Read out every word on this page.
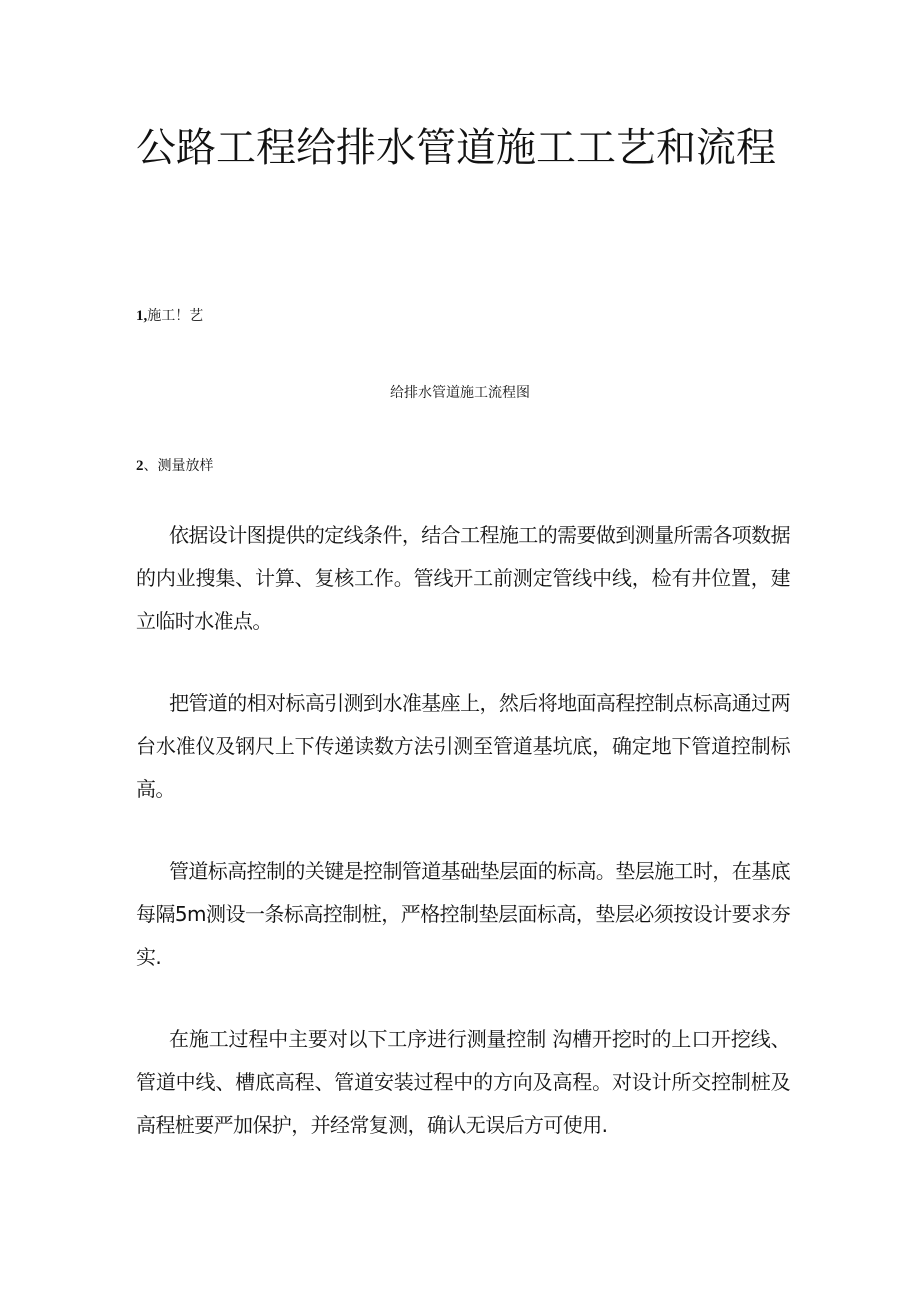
公路工程给排水管道施工工艺和流程

1,施工！艺

给排水管道施工流程图

2、测量放样

依据设计图提供的定线条件，结合工程施工的需要做到测量所需各项数据的内业搜集、计算、复核工作。管线开工前测定管线中线，检有井位置，建立临时水准点。

把管道的相对标高引测到水准基座上，然后将地面高程控制点标高通过两台水准仪及钢尺上下传递读数方法引测至管道基坑底，确定地下管道控制标高。

管道标高控制的关键是控制管道基础垫层面的标高。垫层施工时，在基底每隔5m测设一条标高控制桩，严格控制垫层面标高，垫层必须按设计要求夯实.

在施工过程中主要对以下工序进行测量控制 沟槽开挖时的上口开挖线、管道中线、槽底高程、管道安装过程中的方向及高程。对设计所交控制桩及高程桩要严加保护，并经常复测，确认无误后方可使用.
